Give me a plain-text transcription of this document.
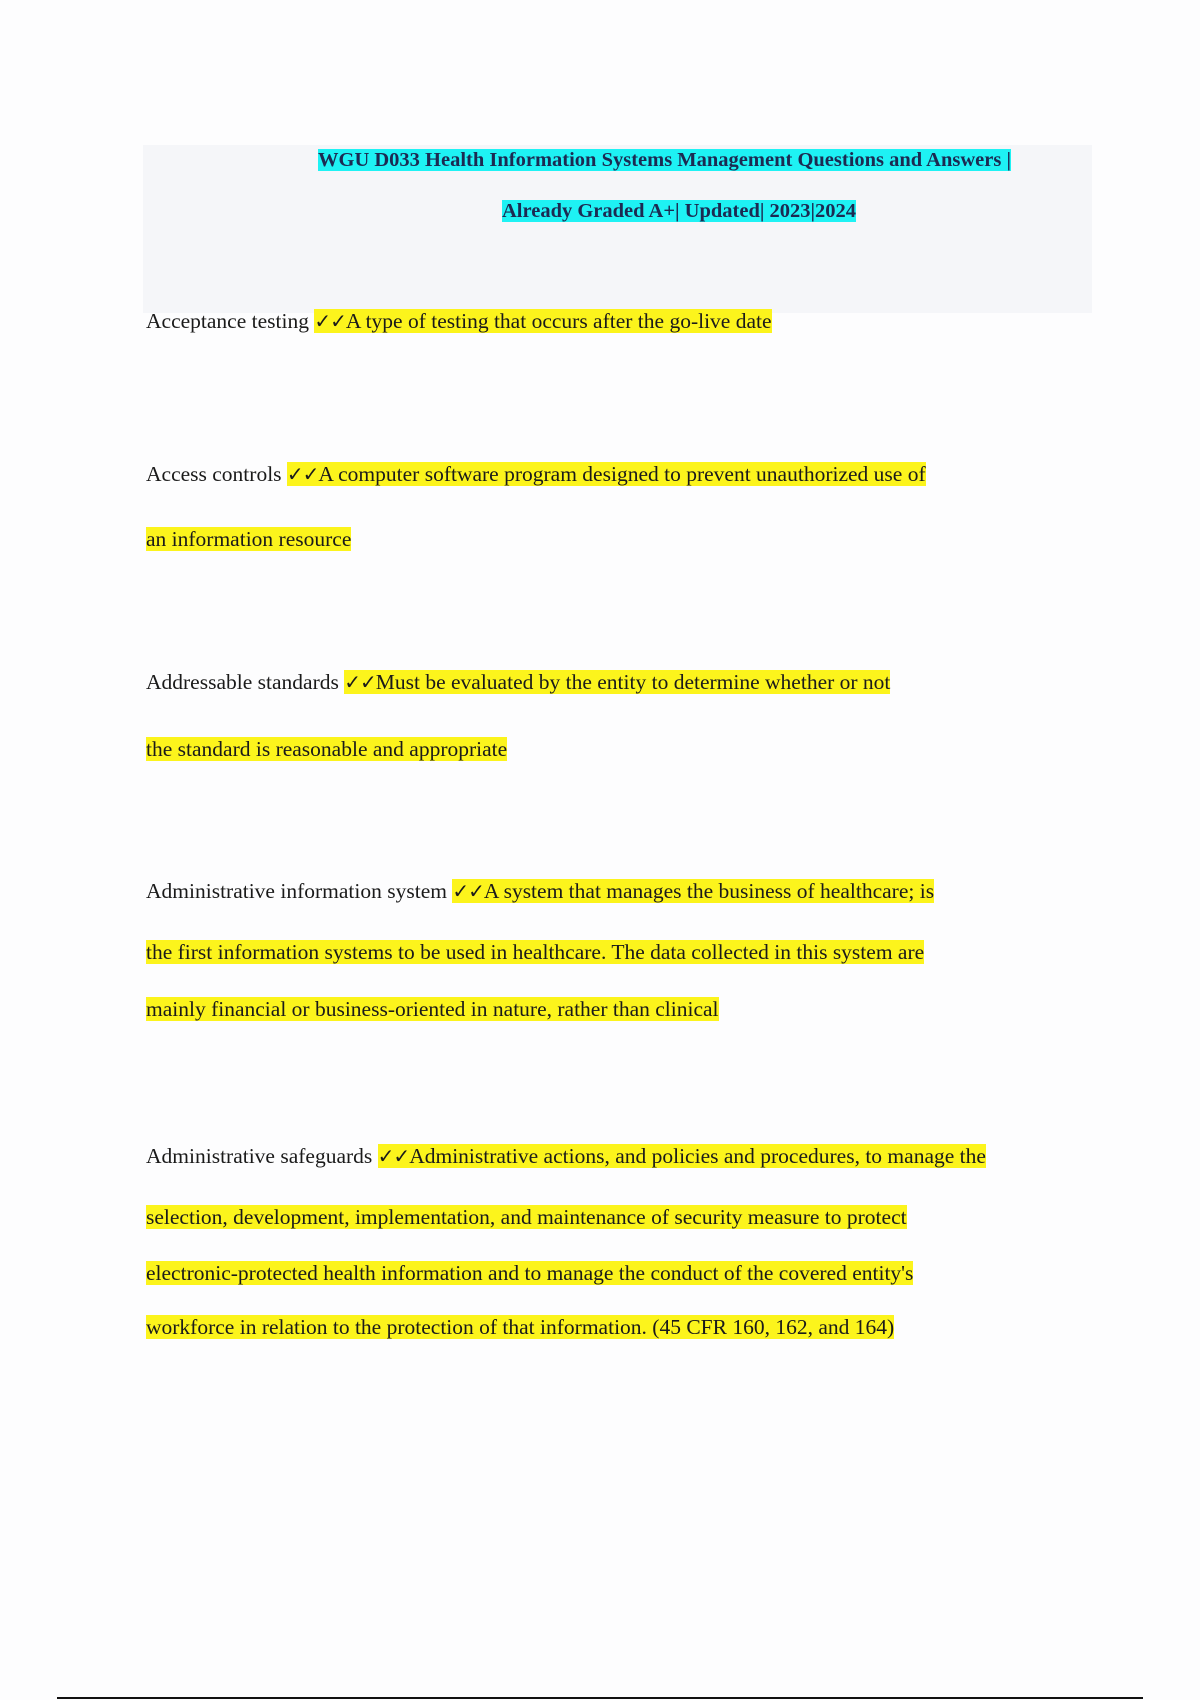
WGU D033 Health Information Systems Management Questions and Answers |
Already Graded A+| Updated| 2023|2024
Acceptance testing ✓✓A type of testing that occurs after the go-live date
Access controls ✓✓A computer software program designed to prevent unauthorized use of
an information resource
Addressable standards ✓✓Must be evaluated by the entity to determine whether or not
the standard is reasonable and appropriate
Administrative information system ✓✓A system that manages the business of healthcare; is
the first information systems to be used in healthcare. The data collected in this system are
mainly financial or business-oriented in nature, rather than clinical
Administrative safeguards ✓✓Administrative actions, and policies and procedures, to manage the
selection, development, implementation, and maintenance of security measure to protect
electronic-protected health information and to manage the conduct of the covered entity's
workforce in relation to the protection of that information. (45 CFR 160, 162, and 164)
